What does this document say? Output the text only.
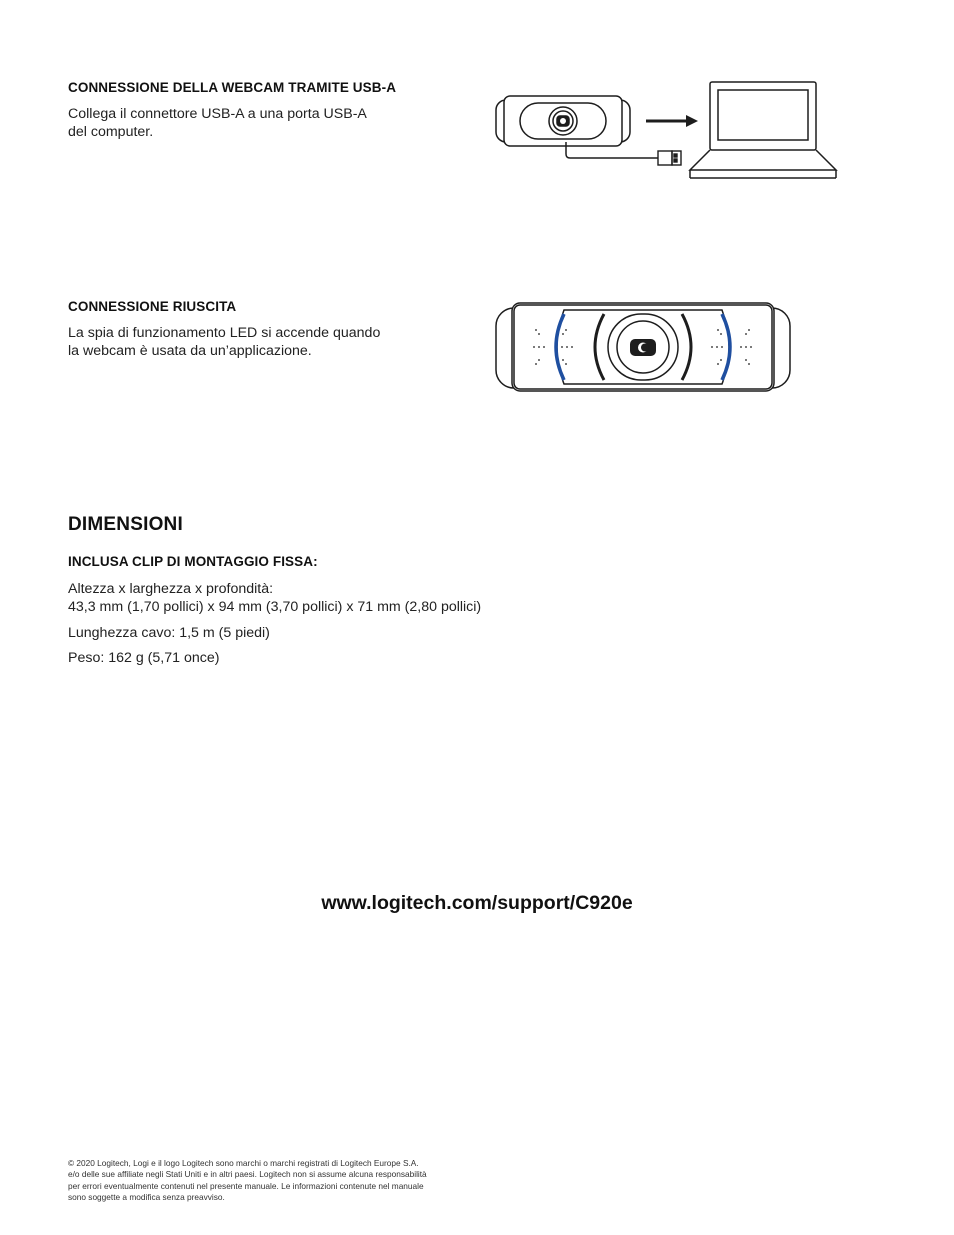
CONNESSIONE DELLA WEBCAM TRAMITE USB-A
Collega il connettore USB-A a una porta USB-A
del computer.
CONNESSIONE RIUSCITA
La spia di funzionamento LED si accende quando
la webcam è usata da un’applicazione.
DIMENSIONI
INCLUSA CLIP DI MONTAGGIO FISSA:
Altezza x larghezza x profondità:
43,3 mm (1,70 pollici) x 94 mm (3,70 pollici) x 71 mm (2,80 pollici)
Lunghezza cavo: 1,5 m (5 piedi)
Peso: 162 g (5,71 once)
www.logitech.com/support/C920e
© 2020 Logitech, Logi e il logo Logitech sono marchi o marchi registrati di Logitech Europe S.A.
e/o delle sue affiliate negli Stati Uniti e in altri paesi. Logitech non si assume alcuna responsabilità
per errori eventualmente contenuti nel presente manuale. Le informazioni contenute nel manuale
sono soggette a modifica senza preavviso.
